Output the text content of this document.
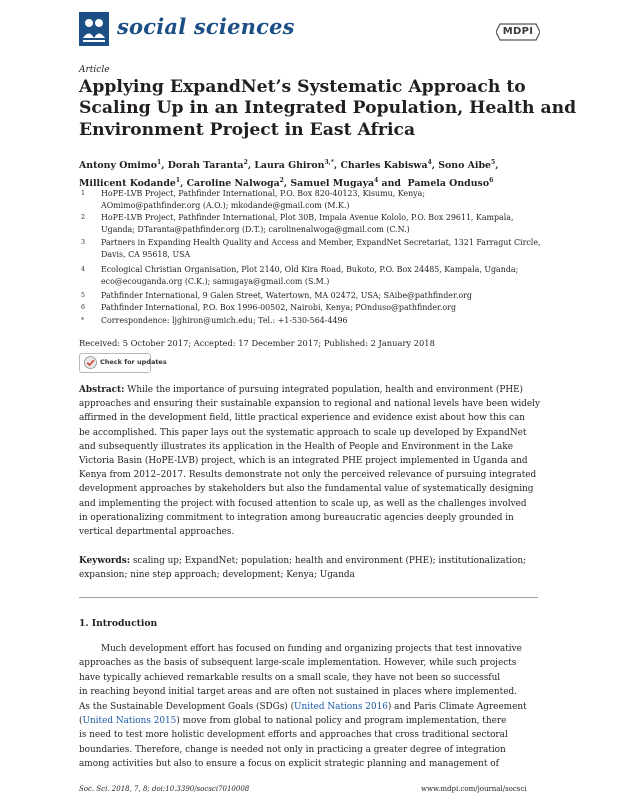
social sciences	MDPI
Article
Applying ExpandNet’s Systematic Approach to
Scaling Up in an Integrated Population, Health and
Environment Project in East Africa
Antony Omimo$^1$, Dorah Taranta$^2$, Laura Ghiron$^{3,*}$, Charles Kabiswa$^4$, Sono Aibe$^5$,
Millicent Kodande$^1$, Caroline Nalwoga$^2$, Samuel Mugaya$^4$ and  Pamela Onduso$^6$
1 HoPE-LVB Project, Pathfinder International, P.O. Box 820-40123, Kisumu, Kenya;
AOmimo@pathfinder.org (A.O.); mkodande@gmail.com (M.K.)
2 HoPE-LVB Project, Pathfinder International, Plot 30B, Impala Avenue Kololo, P.O. Box 29611, Kampala,
Uganda; DTaranta@pathfinder.org (D.T.); carolinenalwoga@gmail.com (C.N.)
3 Partners in Expanding Health Quality and Access and Member, ExpandNet Secretariat, 1321 Farragut Circle,
Davis, CA 95618, USA
4 Ecological Christian Organisation, Plot 2140, Old Kira Road, Bukoto, P.O. Box 24485, Kampala, Uganda;
eco@ecouganda.org (C.K.); samugaya@gmail.com (S.M.)
5 Pathfinder International, 9 Galen Street, Watertown, MA 02472, USA; SAibe@pathfinder.org
6 Pathfinder International, P.O. Box 1996-00502, Nairobi, Kenya; POnduso@pathfinder.org
* Correspondence: ljghiron@umich.edu; Tel.: +1-530-564-4496
Received: 5 October 2017; Accepted: 17 December 2017; Published: 2 January 2018
Check for updates
Abstract: While the importance of pursuing integrated population, health and environment (PHE)
approaches and ensuring their sustainable expansion to regional and national levels have been widely
affirmed in the development field, little practical experience and evidence exist about how this can
be accomplished. This paper lays out the systematic approach to scale up developed by ExpandNet
and subsequently illustrates its application in the Health of People and Environment in the Lake
Victoria Basin (HoPE-LVB) project, which is an integrated PHE project implemented in Uganda and
Kenya from 2012–2017. Results demonstrate not only the perceived relevance of pursuing integrated
development approaches by stakeholders but also the fundamental value of systematically designing
and implementing the project with focused attention to scale up, as well as the challenges involved
in operationalizing commitment to integration among bureaucratic agencies deeply grounded in
vertical departmental approaches.
Keywords: scaling up; ExpandNet; population; health and environment (PHE); institutionalization;
expansion; nine step approach; development; Kenya; Uganda
1. Introduction
Much development effort has focused on funding and organizing projects that test innovative
approaches as the basis of subsequent large-scale implementation. However, while such projects
have typically achieved remarkable results on a small scale, they have not been so successful
in reaching beyond initial target areas and are often not sustained in places where implemented.
As the Sustainable Development Goals (SDGs) (United Nations 2016) and Paris Climate Agreement
(United Nations 2015) move from global to national policy and program implementation, there
is need to test more holistic development efforts and approaches that cross traditional sectoral
boundaries. Therefore, change is needed not only in practicing a greater degree of integration
among activities but also to ensure a focus on explicit strategic planning and management of
Soc. Sci. 2018, 7, 8; doi:10.3390/socsci7010008	www.mdpi.com/journal/socsci
